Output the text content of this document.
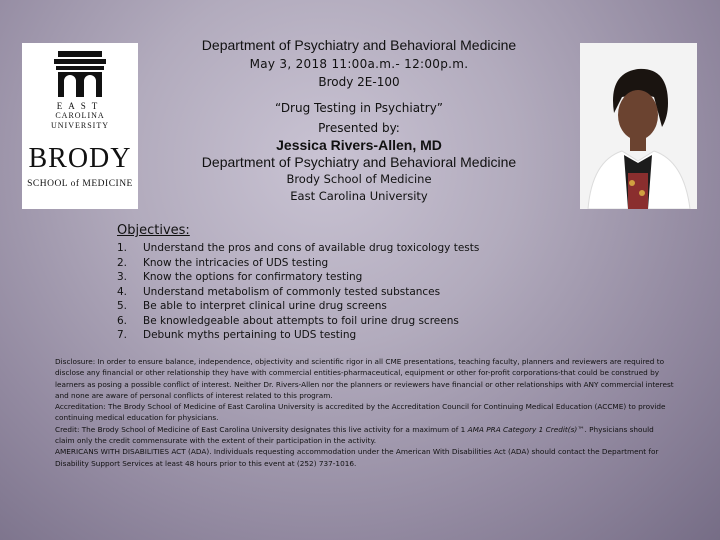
EAST
CAROLINA
UNIVERSITY
BRODY
SCHOOL of MEDICINE
Department of Psychiatry and Behavioral Medicine
May 3, 2018 11:00a.m.- 12:00p.m.
Brody 2E-100
“Drug Testing in Psychiatry”
Presented by:
Jessica Rivers-Allen, MD
Department of Psychiatry and Behavioral Medicine
Brody School of Medicine
East Carolina University
Objectives:
1. Understand the pros and cons of available drug toxicology tests
2. Know the intricacies of UDS testing
3. Know the options for confirmatory testing
4. Understand metabolism of commonly tested substances
5. Be able to interpret clinical urine drug screens
6. Be knowledgeable about attempts to foil urine drug screens
7. Debunk myths pertaining to UDS testing

Disclosure: In order to ensure balance, independence, objectivity and scientific rigor in all CME presentations, teaching faculty, planners and reviewers are required to disclose any financial or other relationship they have with commercial entities-pharmaceutical, equipment or other for-profit corporations-that could be construed by learners as posing a possible conflict of interest. Neither Dr. Rivers-Allen nor the planners or reviewers have financial or other relationships with ANY commercial interest and none are aware of personal conflicts of interest related to this program.

Accreditation: The Brody School of Medicine of East Carolina University is accredited by the Accreditation Council for Continuing Medical Education (ACCME) to provide continuing medical education for physicians.

Credit: The Brody School of Medicine of East Carolina University designates this live activity for a maximum of 1 AMA PRA Category 1 Credit(s)™. Physicians should claim only the credit commensurate with the extent of their participation in the activity.

AMERICANS WITH DISABILITIES ACT (ADA). Individuals requesting accommodation under the American With Disabilities Act (ADA) should contact the Department for Disability Support Services at least 48 hours prior to this event at (252) 737-1016.
